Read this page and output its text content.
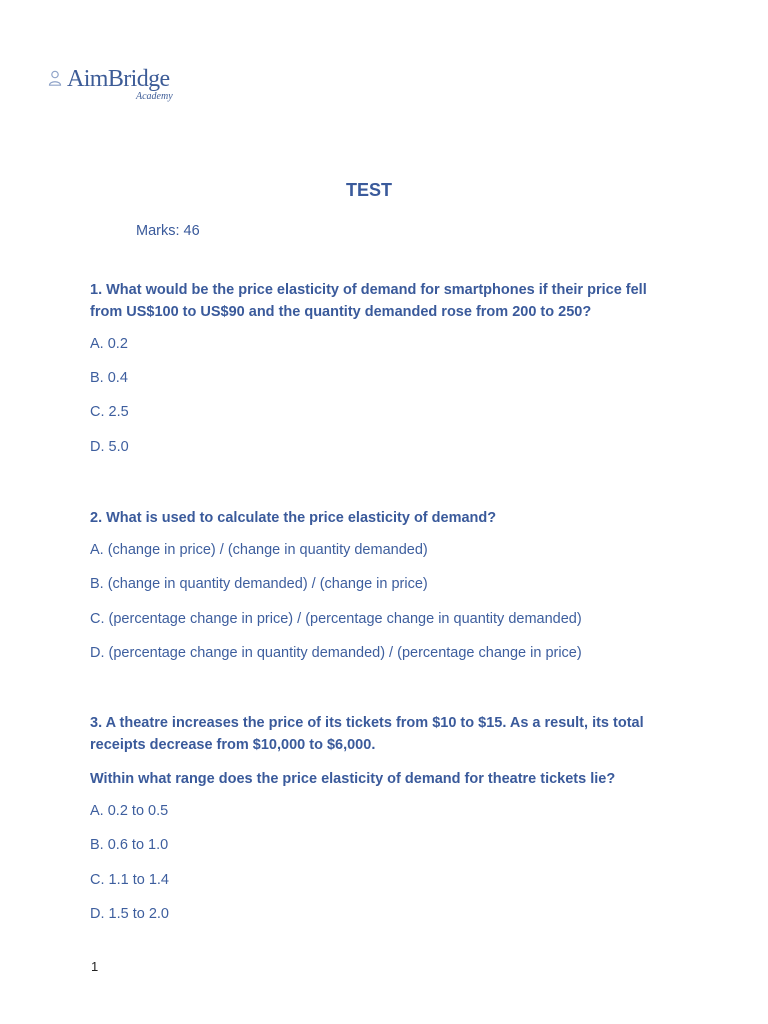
AimBridge
Academy
TEST
Marks: 46
1. What would be the price elasticity of demand for smartphones if their price fell from US$100 to US$90 and the quantity demanded rose from 200 to 250?
A. 0.2
B. 0.4
C. 2.5
D. 5.0
2. What is used to calculate the price elasticity of demand?
A. (change in price) / (change in quantity demanded)
B. (change in quantity demanded) / (change in price)
C. (percentage change in price) / (percentage change in quantity demanded)
D. (percentage change in quantity demanded) / (percentage change in price)
3. A theatre increases the price of its tickets from $10 to $15. As a result, its total receipts decrease from $10,000 to $6,000.
Within what range does the price elasticity of demand for theatre tickets lie?
A. 0.2 to 0.5
B. 0.6 to 1.0
C. 1.1 to 1.4
D. 1.5 to 2.0
1
